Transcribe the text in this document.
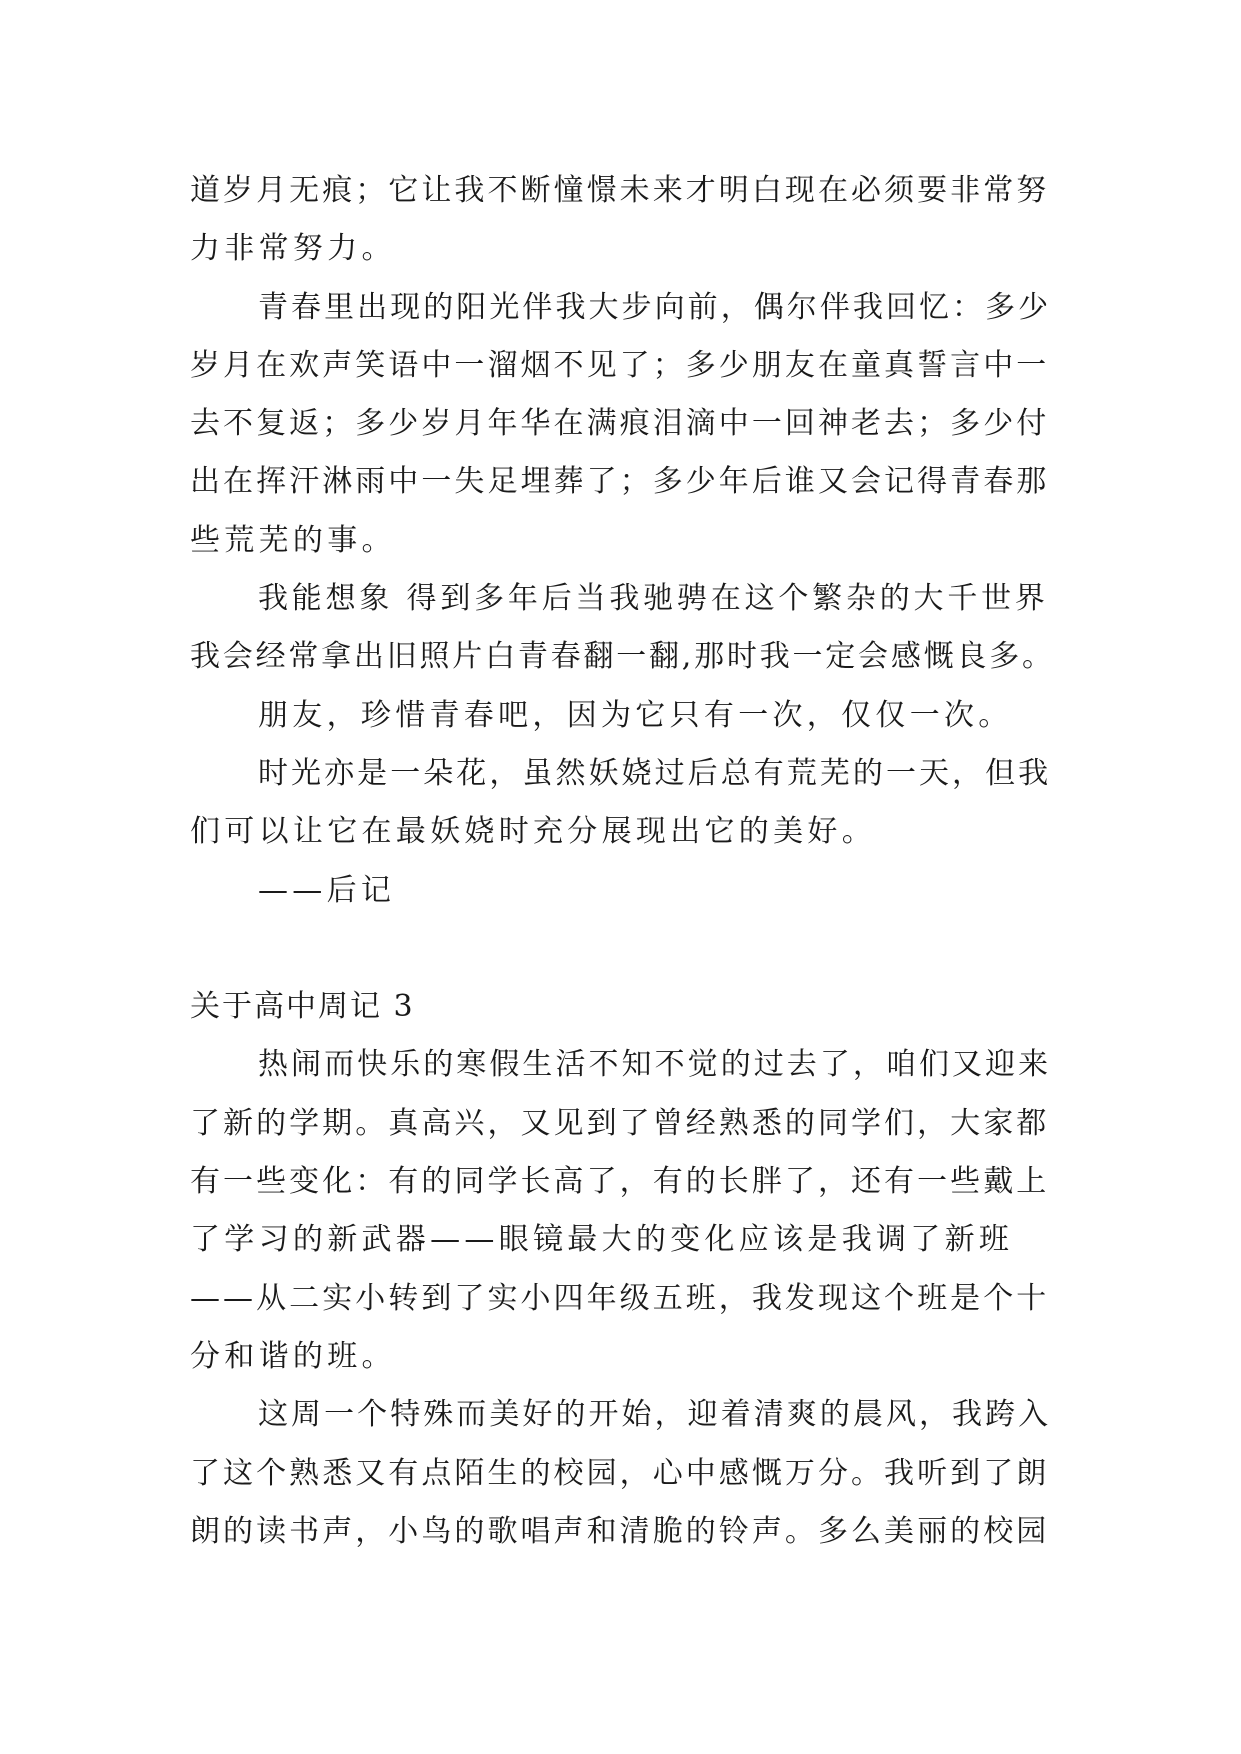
道岁月无痕；它让我不断憧憬未来才明白现在必须要非常努
力非常努力。
青春里出现的阳光伴我大步向前，偶尔伴我回忆：多少
岁月在欢声笑语中一溜烟不见了；多少朋友在童真誓言中一
去不复返；多少岁月年华在满痕泪滴中一回神老去；多少付
出在挥汗淋雨中一失足埋葬了；多少年后谁又会记得青春那
些荒芜的事。
我能想象 得到多年后当我驰骋在这个繁杂的大千世界
我会经常拿出旧照片白青春翻一翻,那时我一定会感慨良多。
朋友，珍惜青春吧，因为它只有一次，仅仅一次。
时光亦是一朵花，虽然妖娆过后总有荒芜的一天，但我
们可以让它在最妖娆时充分展现出它的美好。
——后记
关于高中周记 3
热闹而快乐的寒假生活不知不觉的过去了，咱们又迎来
了新的学期。真高兴，又见到了曾经熟悉的同学们，大家都
有一些变化：有的同学长高了，有的长胖了，还有一些戴上
了学习的新武器——眼镜最大的变化应该是我调了新班
——从二实小转到了实小四年级五班，我发现这个班是个十
分和谐的班。
这周一个特殊而美好的开始，迎着清爽的晨风，我跨入
了这个熟悉又有点陌生的校园，心中感慨万分。我听到了朗
朗的读书声，小鸟的歌唱声和清脆的铃声。多么美丽的校园
